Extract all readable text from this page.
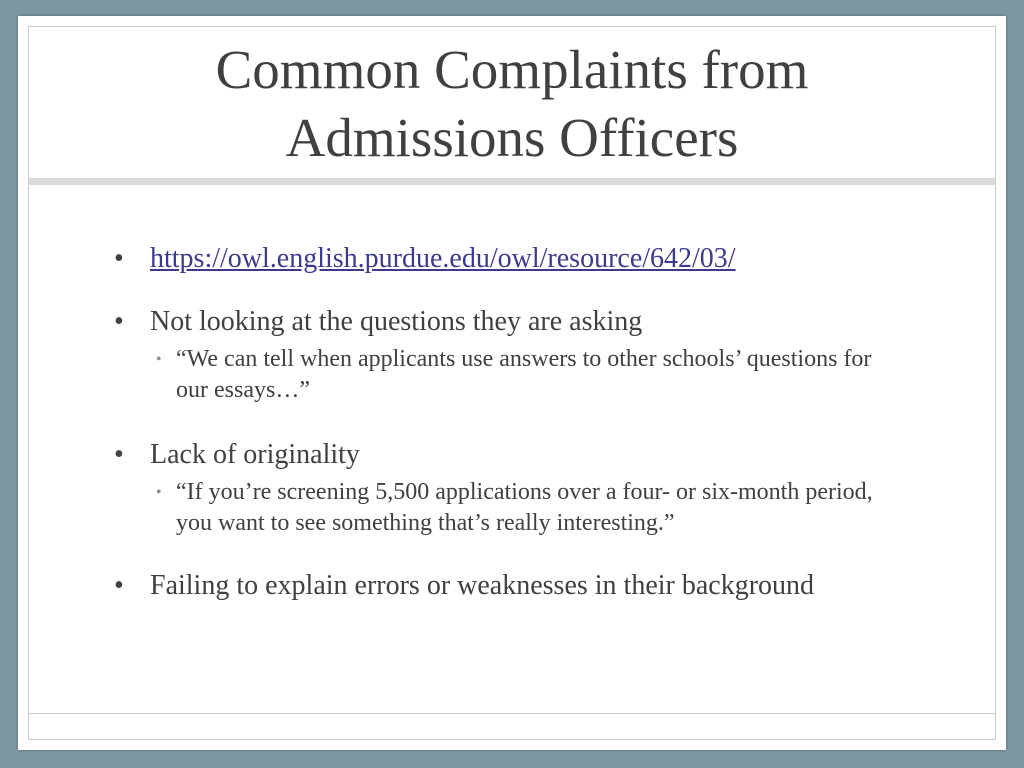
Common Complaints from
Admissions Officers
• https://owl.english.purdue.edu/owl/resource/642/03/
• Not looking at the questions they are asking
• “We can tell when applicants use answers to other schools’ questions for our essays…”
• Lack of originality
• “If you’re screening 5,500 applications over a four- or six-month period, you want to see something that’s really interesting.”
• Failing to explain errors or weaknesses in their background
